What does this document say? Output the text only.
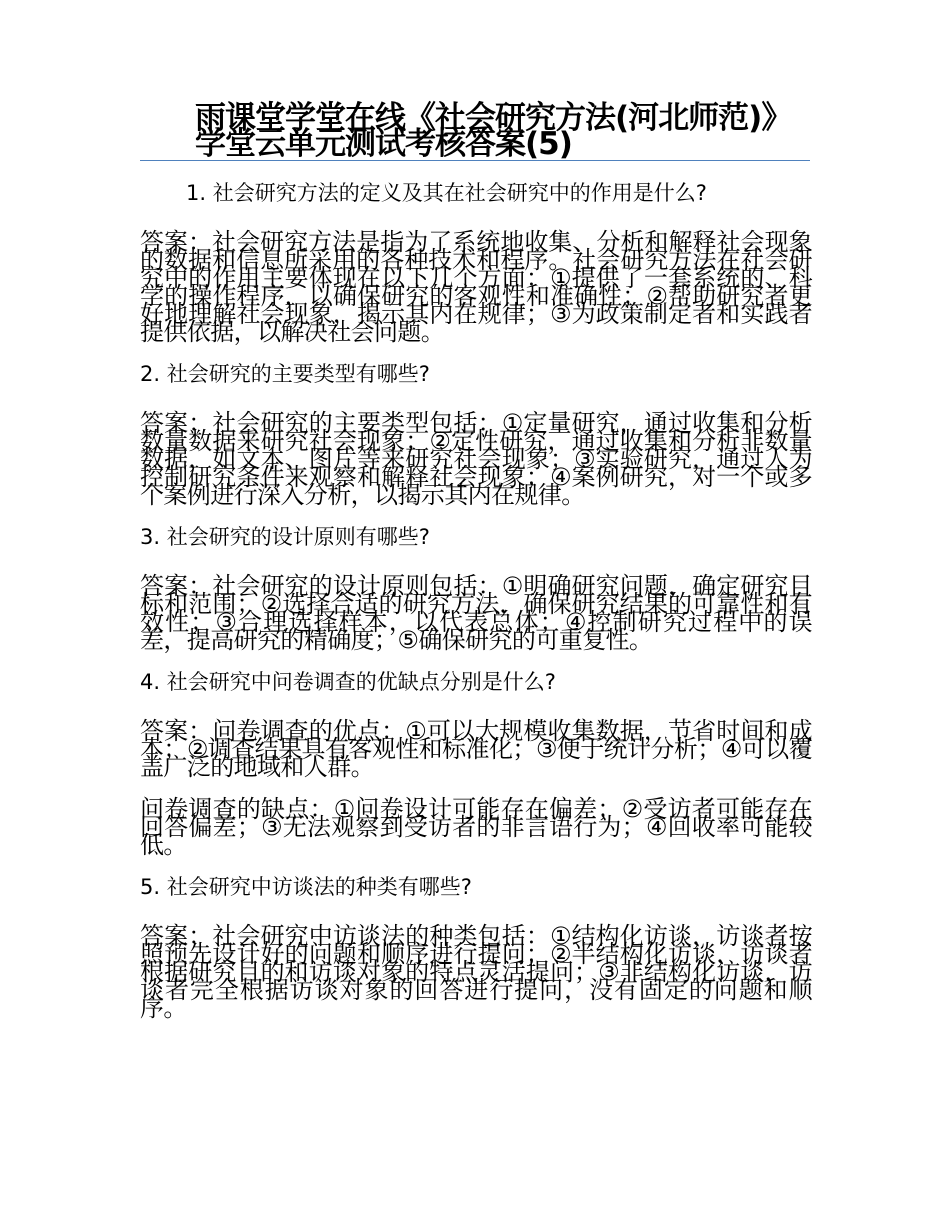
雨课堂学堂在线《社会研究方法(河北师范)》学堂云单元测试考核答案(5)
1. 社会研究方法的定义及其在社会研究中的作用是什么?
答案：社会研究方法是指为了系统地收集、分析和解释社会现象的数据和信息所采用的各种技术和程序。社会研究方法在社会研究中的作用主要体现在以下几个方面：①提供了一套系统的、科学的操作程序，以确保研究的客观性和准确性；②帮助研究者更好地理解社会现象，揭示其内在规律；③为政策制定者和实践者提供依据，以解决社会问题。
2. 社会研究的主要类型有哪些?
答案：社会研究的主要类型包括：①定量研究，通过收集和分析数量数据来研究社会现象；②定性研究，通过收集和分析非数量数据，如文本、图片等来研究社会现象；③实验研究，通过人为控制研究条件来观察和解释社会现象；④案例研究，对一个或多个案例进行深入分析，以揭示其内在规律。
3. 社会研究的设计原则有哪些?
答案：社会研究的设计原则包括：①明确研究问题，确定研究目标和范围；②选择合适的研究方法，确保研究结果的可靠性和有效性；③合理选择样本，以代表总体；④控制研究过程中的误差，提高研究的精确度；⑤确保研究的可重复性。
4. 社会研究中问卷调查的优缺点分别是什么?
答案：问卷调查的优点：①可以大规模收集数据，节省时间和成本；②调查结果具有客观性和标准化；③便于统计分析；④可以覆盖广泛的地域和人群。
问卷调查的缺点：①问卷设计可能存在偏差；②受访者可能存在回答偏差；③无法观察到受访者的非言语行为；④回收率可能较低。
5. 社会研究中访谈法的种类有哪些?
答案：社会研究中访谈法的种类包括：①结构化访谈，访谈者按照预先设计好的问题和顺序进行提问；②半结构化访谈，访谈者根据研究目的和访谈对象的特点灵活提问；③非结构化访谈，访谈者完全根据访谈对象的回答进行提问，没有固定的问题和顺序。
